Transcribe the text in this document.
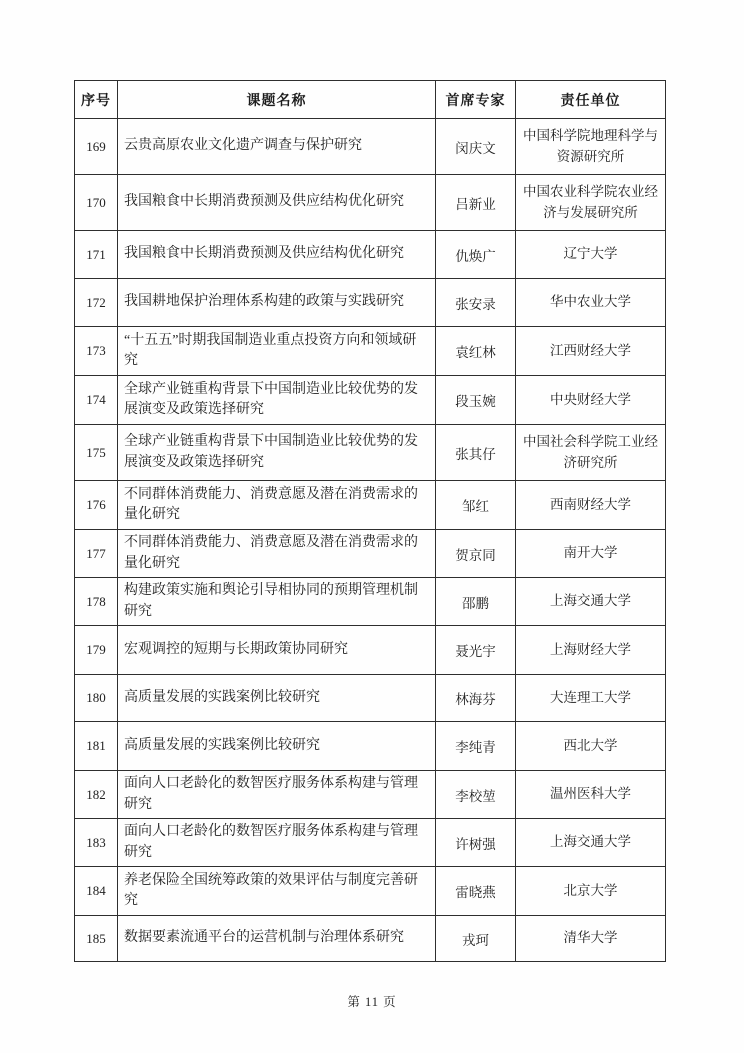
序号	课题名称	首席专家	责任单位
169	云贵高原农业文化遗产调查与保护研究	闵庆文	中国科学院地理科学与资源研究所
170	我国粮食中长期消费预测及供应结构优化研究	吕新业	中国农业科学院农业经济与发展研究所
171	我国粮食中长期消费预测及供应结构优化研究	仇焕广	辽宁大学
172	我国耕地保护治理体系构建的政策与实践研究	张安录	华中农业大学
173	“十五五”时期我国制造业重点投资方向和领域研究	袁红林	江西财经大学
174	全球产业链重构背景下中国制造业比较优势的发展演变及政策选择研究	段玉婉	中央财经大学
175	全球产业链重构背景下中国制造业比较优势的发展演变及政策选择研究	张其仔	中国社会科学院工业经济研究所
176	不同群体消费能力、消费意愿及潜在消费需求的量化研究	邹红	西南财经大学
177	不同群体消费能力、消费意愿及潜在消费需求的量化研究	贺京同	南开大学
178	构建政策实施和舆论引导相协同的预期管理机制研究	邵鹏	上海交通大学
179	宏观调控的短期与长期政策协同研究	聂光宇	上海财经大学
180	高质量发展的实践案例比较研究	林海芬	大连理工大学
181	高质量发展的实践案例比较研究	李纯青	西北大学
182	面向人口老龄化的数智医疗服务体系构建与管理研究	李校堃	温州医科大学
183	面向人口老龄化的数智医疗服务体系构建与管理研究	许树强	上海交通大学
184	养老保险全国统筹政策的效果评估与制度完善研究	雷晓燕	北京大学
185	数据要素流通平台的运营机制与治理体系研究	戎珂	清华大学
第 11 页
